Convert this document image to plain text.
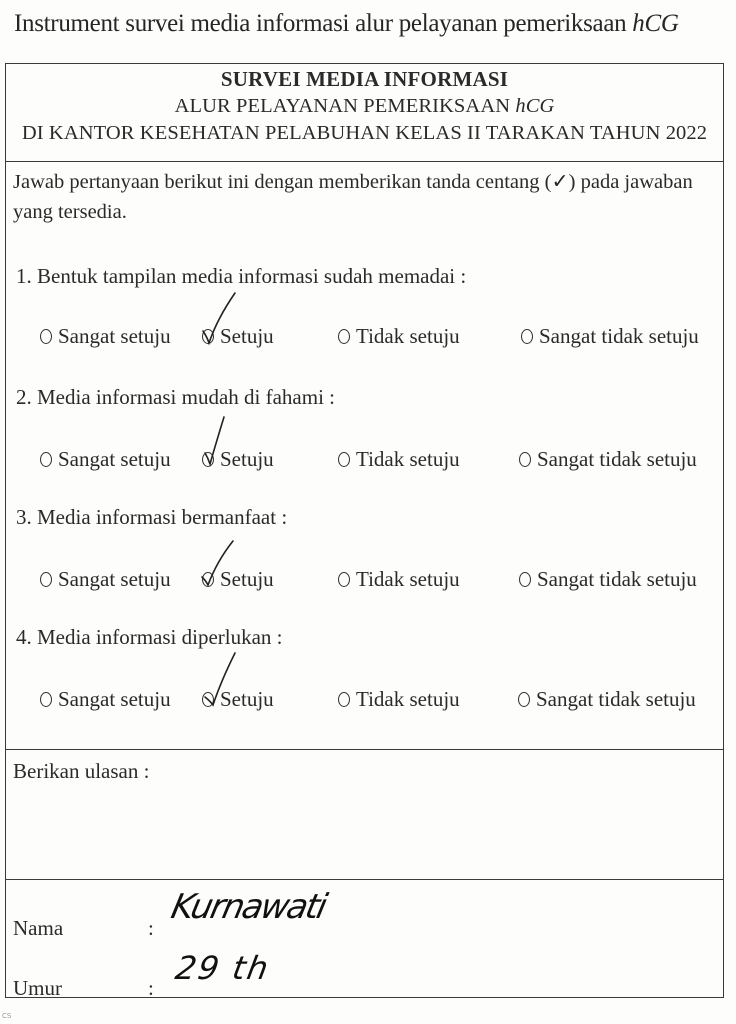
Instrument survei media informasi alur pelayanan pemeriksaan hCG
SURVEI MEDIA INFORMASI
ALUR PELAYANAN PEMERIKSAAN hCG
DI KANTOR KESEHATAN PELABUHAN KELAS II TARAKAN TAHUN 2022
Jawab pertanyaan berikut ini dengan memberikan tanda centang (✓) pada jawaban yang tersedia.
1. Bentuk tampilan media informasi sudah memadai :
Sangat setuju	Setuju	Tidak setuju	Sangat tidak setuju
2. Media informasi mudah di fahami :
Sangat setuju	Setuju	Tidak setuju	Sangat tidak setuju
3. Media informasi bermanfaat :
Sangat setuju	Setuju	Tidak setuju	Sangat tidak setuju
4. Media informasi diperlukan :
Sangat setuju	Setuju	Tidak setuju	Sangat tidak setuju
Berikan ulasan :
Nama	:
Kurnawati
Umur	:
29 th
CS
